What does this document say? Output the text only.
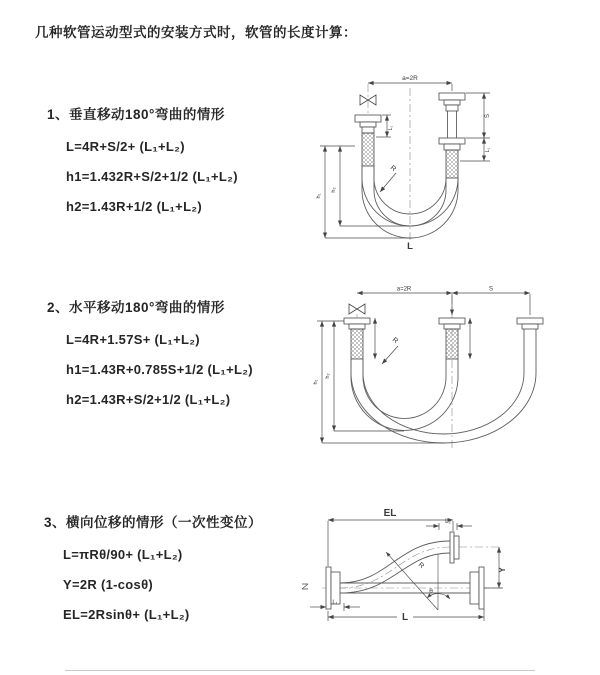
几种软管运动型式的安装方式时，软管的长度计算：
1、垂直移动180°弯曲的情形
L=4R+S/2+ (L₁+L₂)
h1=1.432R+S/2+1/2 (L₁+L₂)
h2=1.43R+1/2 (L₁+L₂)
2、水平移动180°弯曲的情形
L=4R+1.57S+ (L₁+L₂)
h1=1.43R+0.785S+1/2 (L₁+L₂)
h2=1.43R+S/2+1/2 (L₁+L₂)
3、横向位移的情形（一次性变位）
L=πRθ/90+ (L₁+L₂)
Y=2R (1-cosθ)
EL=2Rsinθ+ (L₁+L₂)
a=2R
L₁
S
L₁
h₁
h₂
R
L
a=2R	S
h₁
h₂
R
EL
L₂
Y
R
θ
L
L₁
